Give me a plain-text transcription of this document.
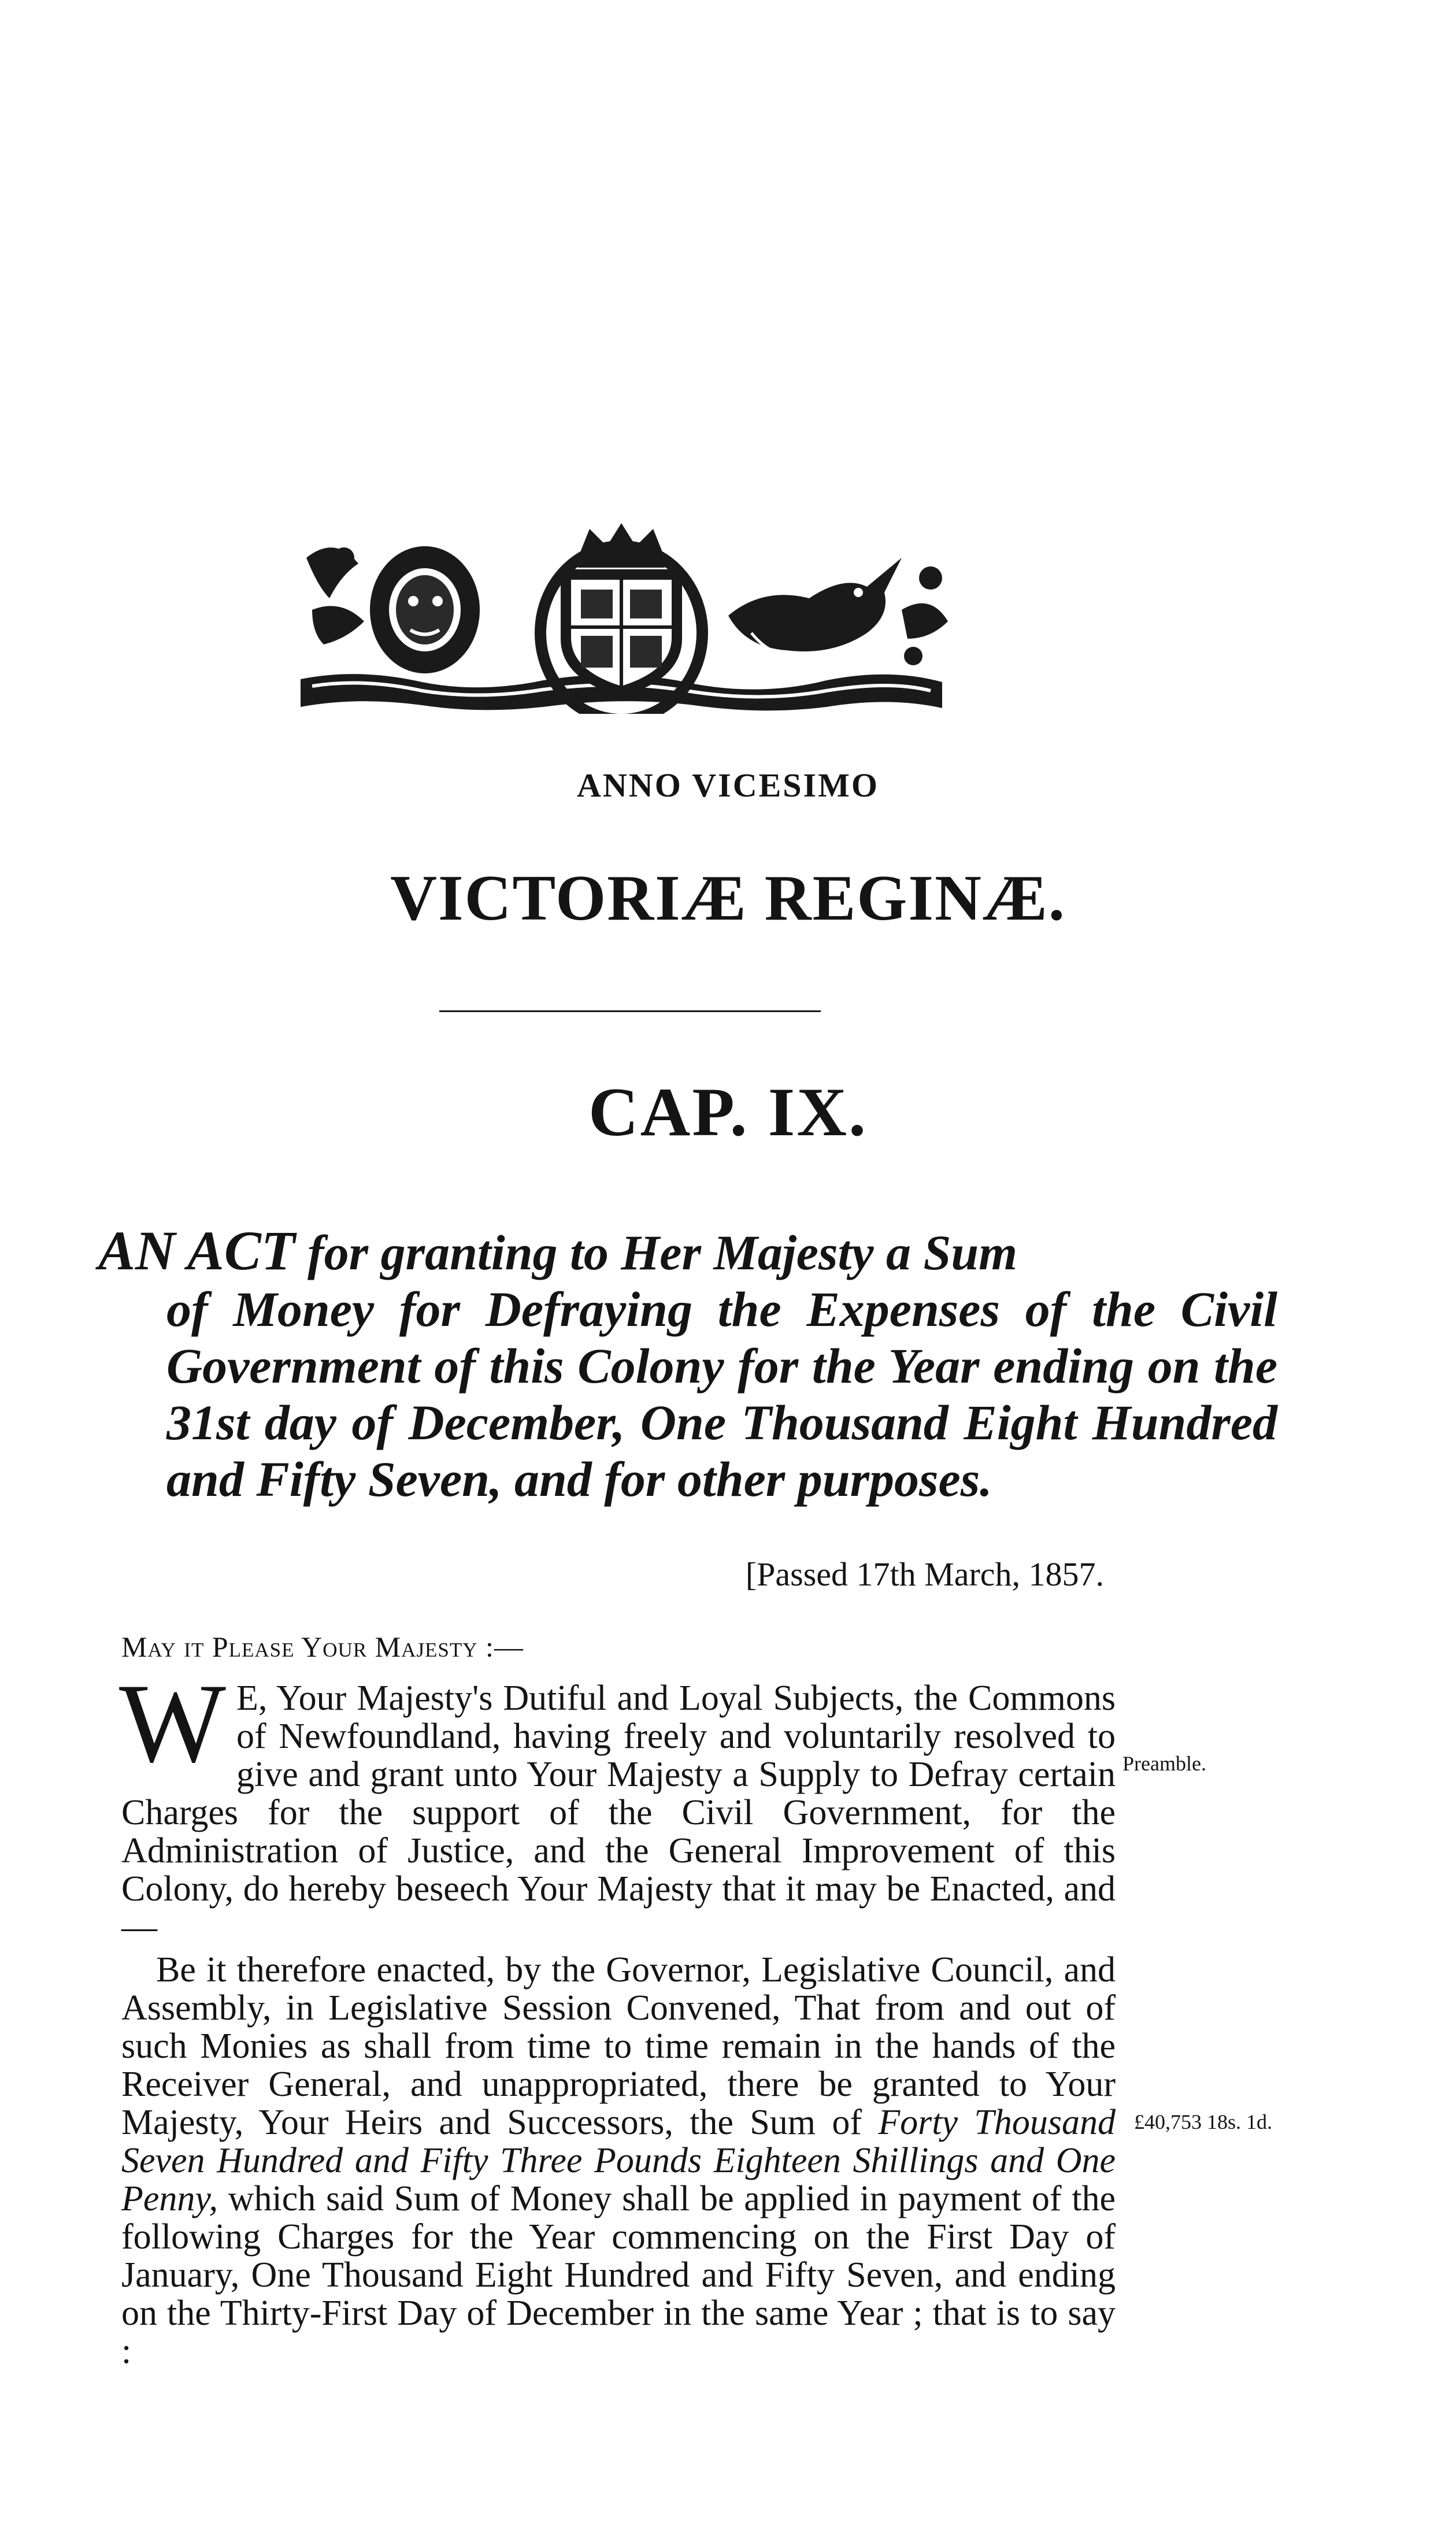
ANNO VICESIMO
VICTORIÆ REGINÆ.
CAP. IX.
AN ACT for granting to Her Majesty a Sum
of Money for Defraying the Expenses of the Civil Government of this Colony for the Year ending on the 31st day of December, One Thousand Eight Hundred and Fifty Seven, and for other purposes.
[Passed 17th March, 1857.
May it Please Your Majesty :—
W E, Your Majesty's Dutiful and Loyal Subjects, the Commons of Newfoundland, having freely and voluntarily resolved to give and grant unto Your Majesty a Supply to Defray certain Charges for the support of the Civil Government, for the Administration of Justice, and the General Improvement of this Colony, do hereby beseech Your Majesty that it may be Enacted, and—
Preamble.
Be it therefore enacted, by the Governor, Legislative Council, and Assembly, in Legislative Session Convened, That from and out of such Monies as shall from time to time remain in the hands of the Receiver General, and unappropriated, there be granted to Your Majesty, Your Heirs and Successors, the Sum of Forty Thousand Seven Hundred and Fifty Three Pounds Eighteen Shillings and One Penny, which said Sum of Money shall be applied in payment of the following Charges for the Year commencing on the First Day of January, One Thousand Eight Hundred and Fifty Seven, and ending on the Thirty-First Day of December in the same Year ; that is to say :
£40,753 18s. 1d.
